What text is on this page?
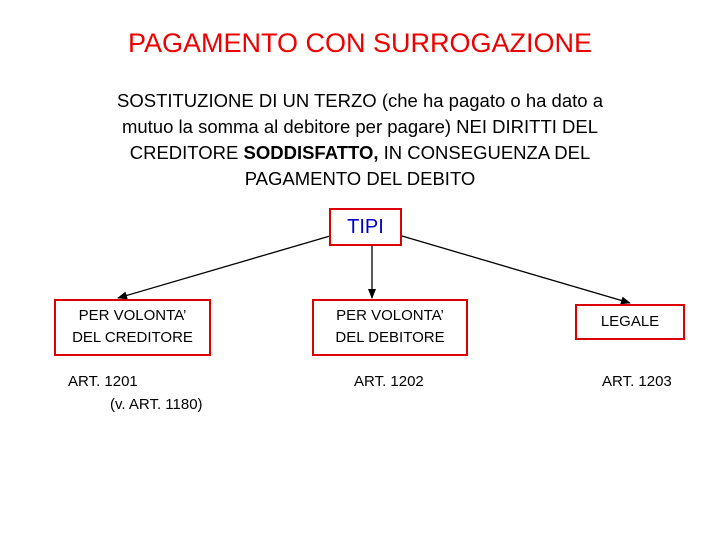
PAGAMENTO CON SURROGAZIONE
SOSTITUZIONE DI UN TERZO (che ha pagato o ha dato a
mutuo la somma al debitore per pagare) NEI DIRITTI DEL
CREDITORE SODDISFATTO, IN CONSEGUENZA DEL
PAGAMENTO DEL DEBITO
TIPI
PER VOLONTA’
DEL CREDITORE
PER VOLONTA’
DEL DEBITORE
LEGALE
ART. 1201
(v. ART. 1180)
ART. 1202	ART. 1203
